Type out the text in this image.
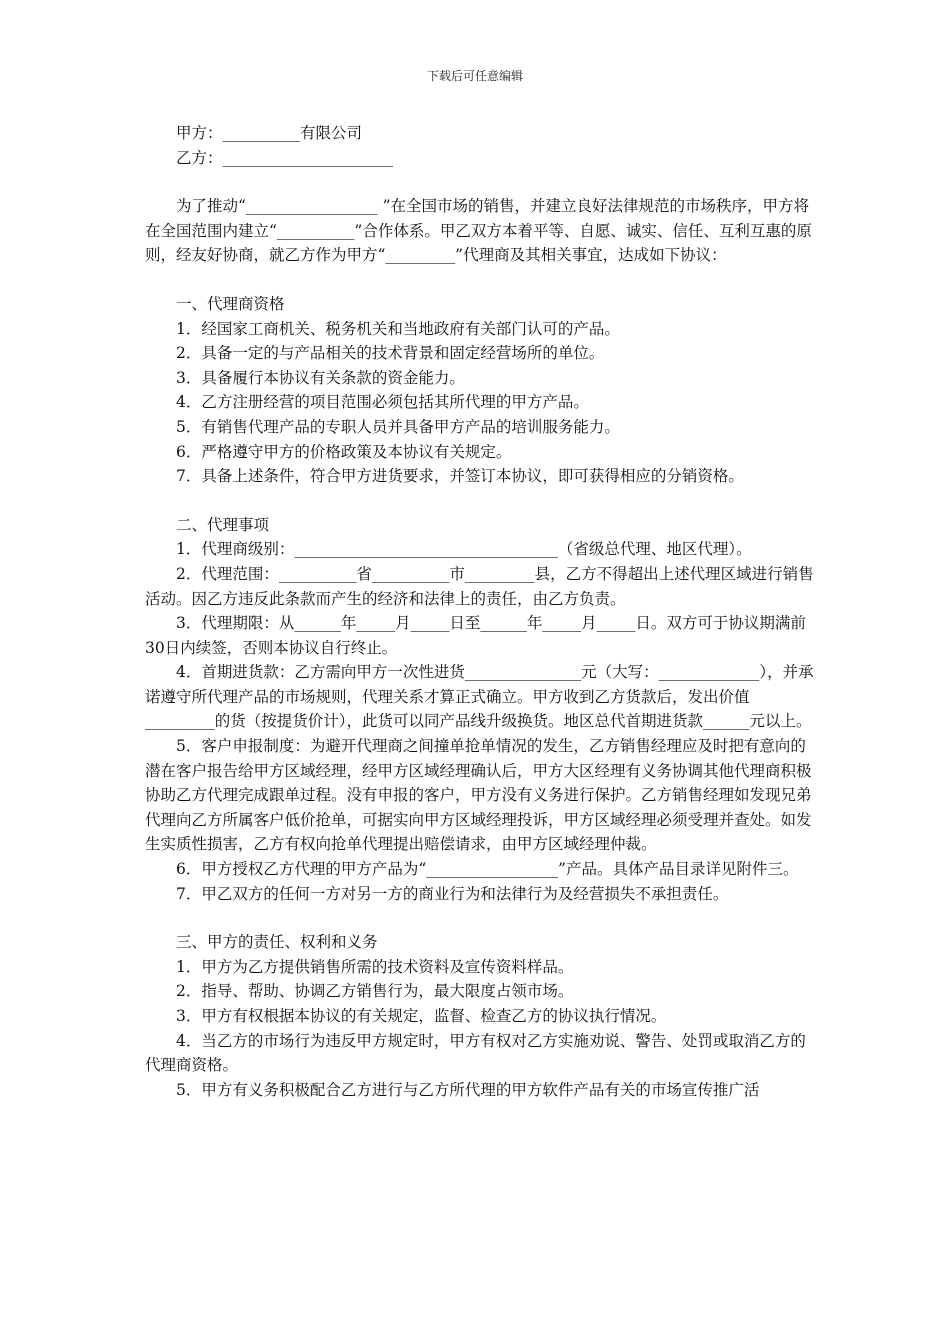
下载后可任意编辑

甲方：__________有限公司

乙方：______________________

为了推动“_________________ ”在全国市场的销售，并建立良好法律规范的市场秩序，甲方将在全国范围内建立“__________”合作体系。甲乙双方本着平等、自愿、诚实、信任、互利互惠的原则，经友好协商，就乙方作为甲方“_________”代理商及其相关事宜，达成如下协议：

一、代理商资格

1．经国家工商机关、税务机关和当地政府有关部门认可的产品。

2．具备一定的与产品相关的技术背景和固定经营场所的单位。

3．具备履行本协议有关条款的资金能力。

4．乙方注册经营的项目范围必须包括其所代理的甲方产品。

5．有销售代理产品的专职人员并具备甲方产品的培训服务能力。

6．严格遵守甲方的价格政策及本协议有关规定。

7．具备上述条件，符合甲方进货要求，并签订本协议，即可获得相应的分销资格。

二、代理事项

1．代理商级别：__________________________________（省级总代理、地区代理）。

2．代理范围：__________省__________市_________县，乙方不得超出上述代理区域进行销售活动。因乙方违反此条款而产生的经济和法律上的责任，由乙方负责。

3．代理期限：从______年_____月_____日至______年_____月_____日。双方可于协议期满前30日内续签，否则本协议自行终止。

4．首期进货款：乙方需向甲方一次性进货_______________元（大写：_____________），并承诺遵守所代理产品的市场规则，代理关系才算正式确立。甲方收到乙方货款后，发出价值_________的货（按提货价计），此货可以同产品线升级换货。地区总代首期进货款______元以上。

5．客户申报制度：为避开代理商之间撞单抢单情况的发生，乙方销售经理应及时把有意向的潜在客户报告给甲方区域经理，经甲方区域经理确认后，甲方大区经理有义务协调其他代理商积极协助乙方代理完成跟单过程。没有申报的客户，甲方没有义务进行保护。乙方销售经理如发现兄弟代理向乙方所属客户低价抢单，可据实向甲方区域经理投诉，甲方区域经理必须受理并查处。如发生实质性损害，乙方有权向抢单代理提出赔偿请求，由甲方区域经理仲裁。

6．甲方授权乙方代理的甲方产品为“_________________”产品。具体产品目录详见附件三。

7．甲乙双方的任何一方对另一方的商业行为和法律行为及经营损失不承担责任。

三、甲方的责任、权利和义务

1．甲方为乙方提供销售所需的技术资料及宣传资料样品。

2．指导、帮助、协调乙方销售行为，最大限度占领市场。

3．甲方有权根据本协议的有关规定，监督、检查乙方的协议执行情况。

4．当乙方的市场行为违反甲方规定时，甲方有权对乙方实施劝说、警告、处罚或取消乙方的代理商资格。

5．甲方有义务积极配合乙方进行与乙方所代理的甲方软件产品有关的市场宣传推广活
